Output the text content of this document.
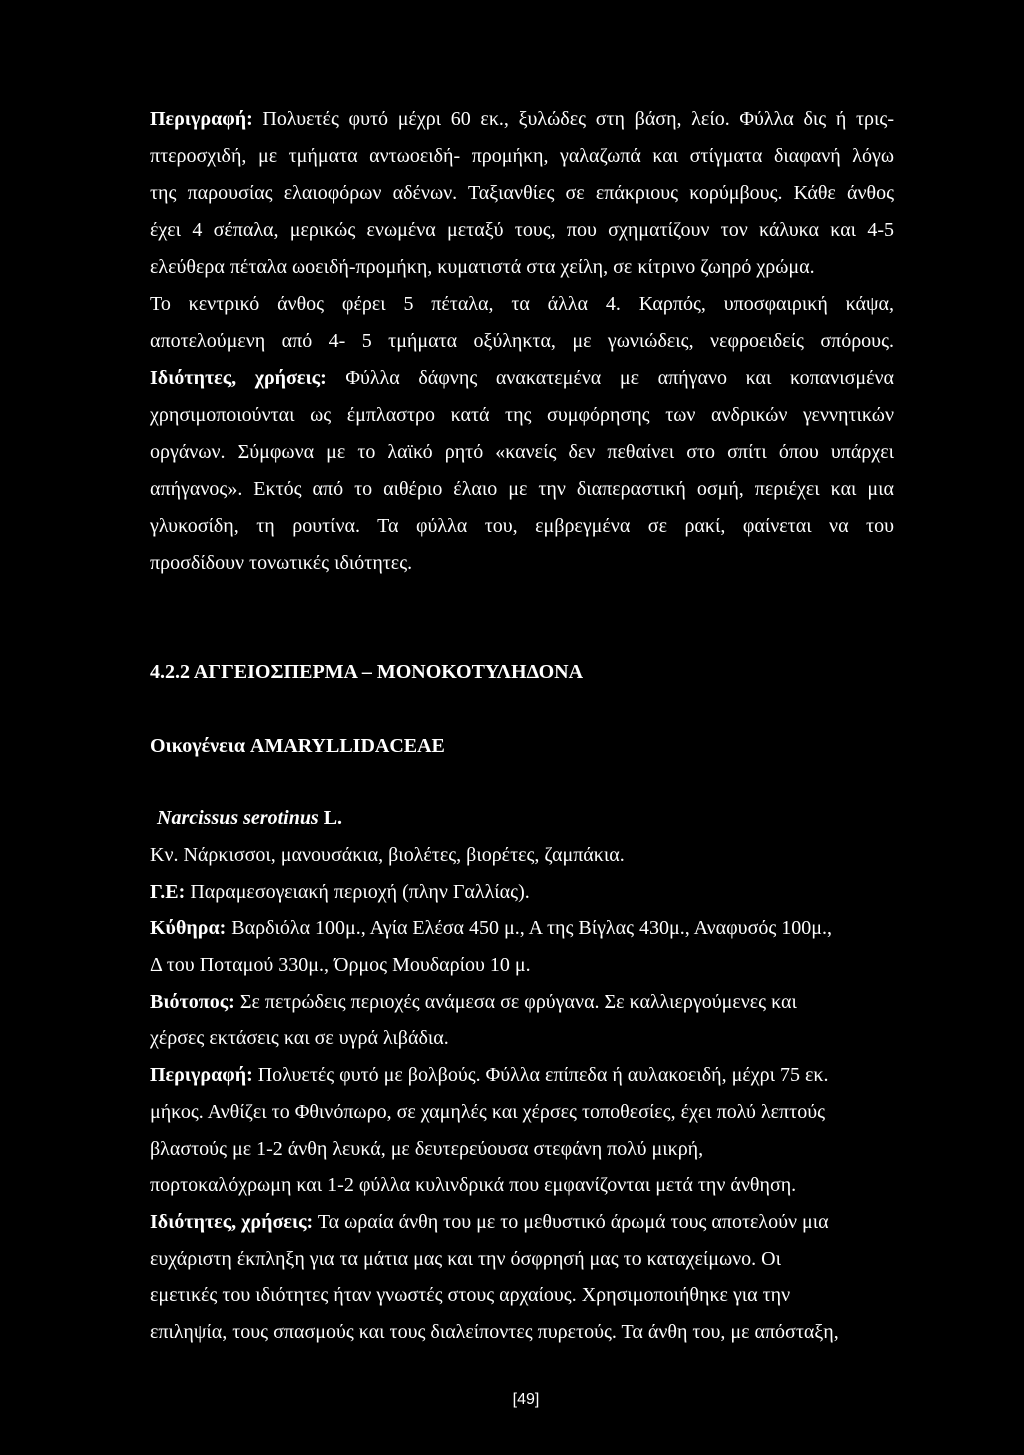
Περιγραφή: Πολυετές φυτό μέχρι 60 εκ., ξυλώδες στη βάση, λείο. Φύλλα δις ή τρις-
πτεροσχιδή, με τμήματα αντωοειδή- προμήκη, γαλαζωπά και στίγματα διαφανή λόγω
της παρουσίας ελαιοφόρων αδένων. Ταξιανθίες σε επάκριους κορύμβους. Κάθε άνθος
έχει 4 σέπαλα, μερικώς ενωμένα μεταξύ τους, που σχηματίζουν τον κάλυκα και 4-5
ελεύθερα πέταλα ωοειδή-προμήκη, κυματιστά στα χείλη, σε κίτρινο ζωηρό χρώμα.
Το κεντρικό άνθος φέρει 5 πέταλα, τα άλλα 4. Καρπός, υποσφαιρική κάψα,
αποτελούμενη από 4- 5 τμήματα οξύληκτα, με γωνιώδεις, νεφροειδείς σπόρους.
Ιδιότητες, χρήσεις: Φύλλα δάφνης ανακατεμένα με απήγανο και κοπανισμένα
χρησιμοποιούνται ως έμπλαστρο κατά της συμφόρησης των ανδρικών γεννητικών
οργάνων. Σύμφωνα με το λαϊκό ρητό «κανείς δεν πεθαίνει στο σπίτι όπου υπάρχει
απήγανος». Εκτός από το αιθέριο έλαιο με την διαπεραστική οσμή, περιέχει και μια
γλυκοσίδη, τη ρουτίνα. Τα φύλλα του, εμβρεγμένα σε ρακί, φαίνεται να του
προσδίδουν τονωτικές ιδιότητες.
4.2.2 ΑΓΓΕΙΟΣΠΕΡΜΑ – ΜΟΝΟΚΟΤΥΛΗΔΟΝΑ
Οικογένεια AMARYLLIDACEAE
Narcissus serotinus L.
Κν. Νάρκισσοι, μανουσάκια, βιολέτες, βιορέτες, ζαμπάκια.
Γ.Ε: Παραμεσογειακή περιοχή (πλην Γαλλίας).
Κύθηρα: Βαρδιόλα 100μ., Αγία Ελέσα 450 μ., Α της Βίγλας 430μ., Αναφυσός 100μ.,
Δ του Ποταμού 330μ., Όρμος Μουδαρίου 10 μ.
Βιότοπος: Σε πετρώδεις περιοχές ανάμεσα σε φρύγανα. Σε καλλιεργούμενες και
χέρσες εκτάσεις και σε υγρά λιβάδια.
Περιγραφή: Πολυετές φυτό με βολβούς. Φύλλα επίπεδα ή αυλακοειδή, μέχρι 75 εκ.
μήκος. Ανθίζει το Φθινόπωρο, σε χαμηλές και χέρσες τοποθεσίες, έχει πολύ λεπτούς
βλαστούς με 1-2 άνθη λευκά, με δευτερεύουσα στεφάνη πολύ μικρή,
πορτοκαλόχρωμη και 1-2 φύλλα κυλινδρικά που εμφανίζονται μετά την άνθηση.
Ιδιότητες, χρήσεις: Τα ωραία άνθη του με το μεθυστικό άρωμά τους αποτελούν μια
ευχάριστη έκπληξη για τα μάτια μας και την όσφρησή μας το καταχείμωνο. Οι
εμετικές του ιδιότητες ήταν γνωστές στους αρχαίους. Χρησιμοποιήθηκε για την
επιληψία, τους σπασμούς και τους διαλείποντες πυρετούς. Τα άνθη του, με απόσταξη,
[49]
